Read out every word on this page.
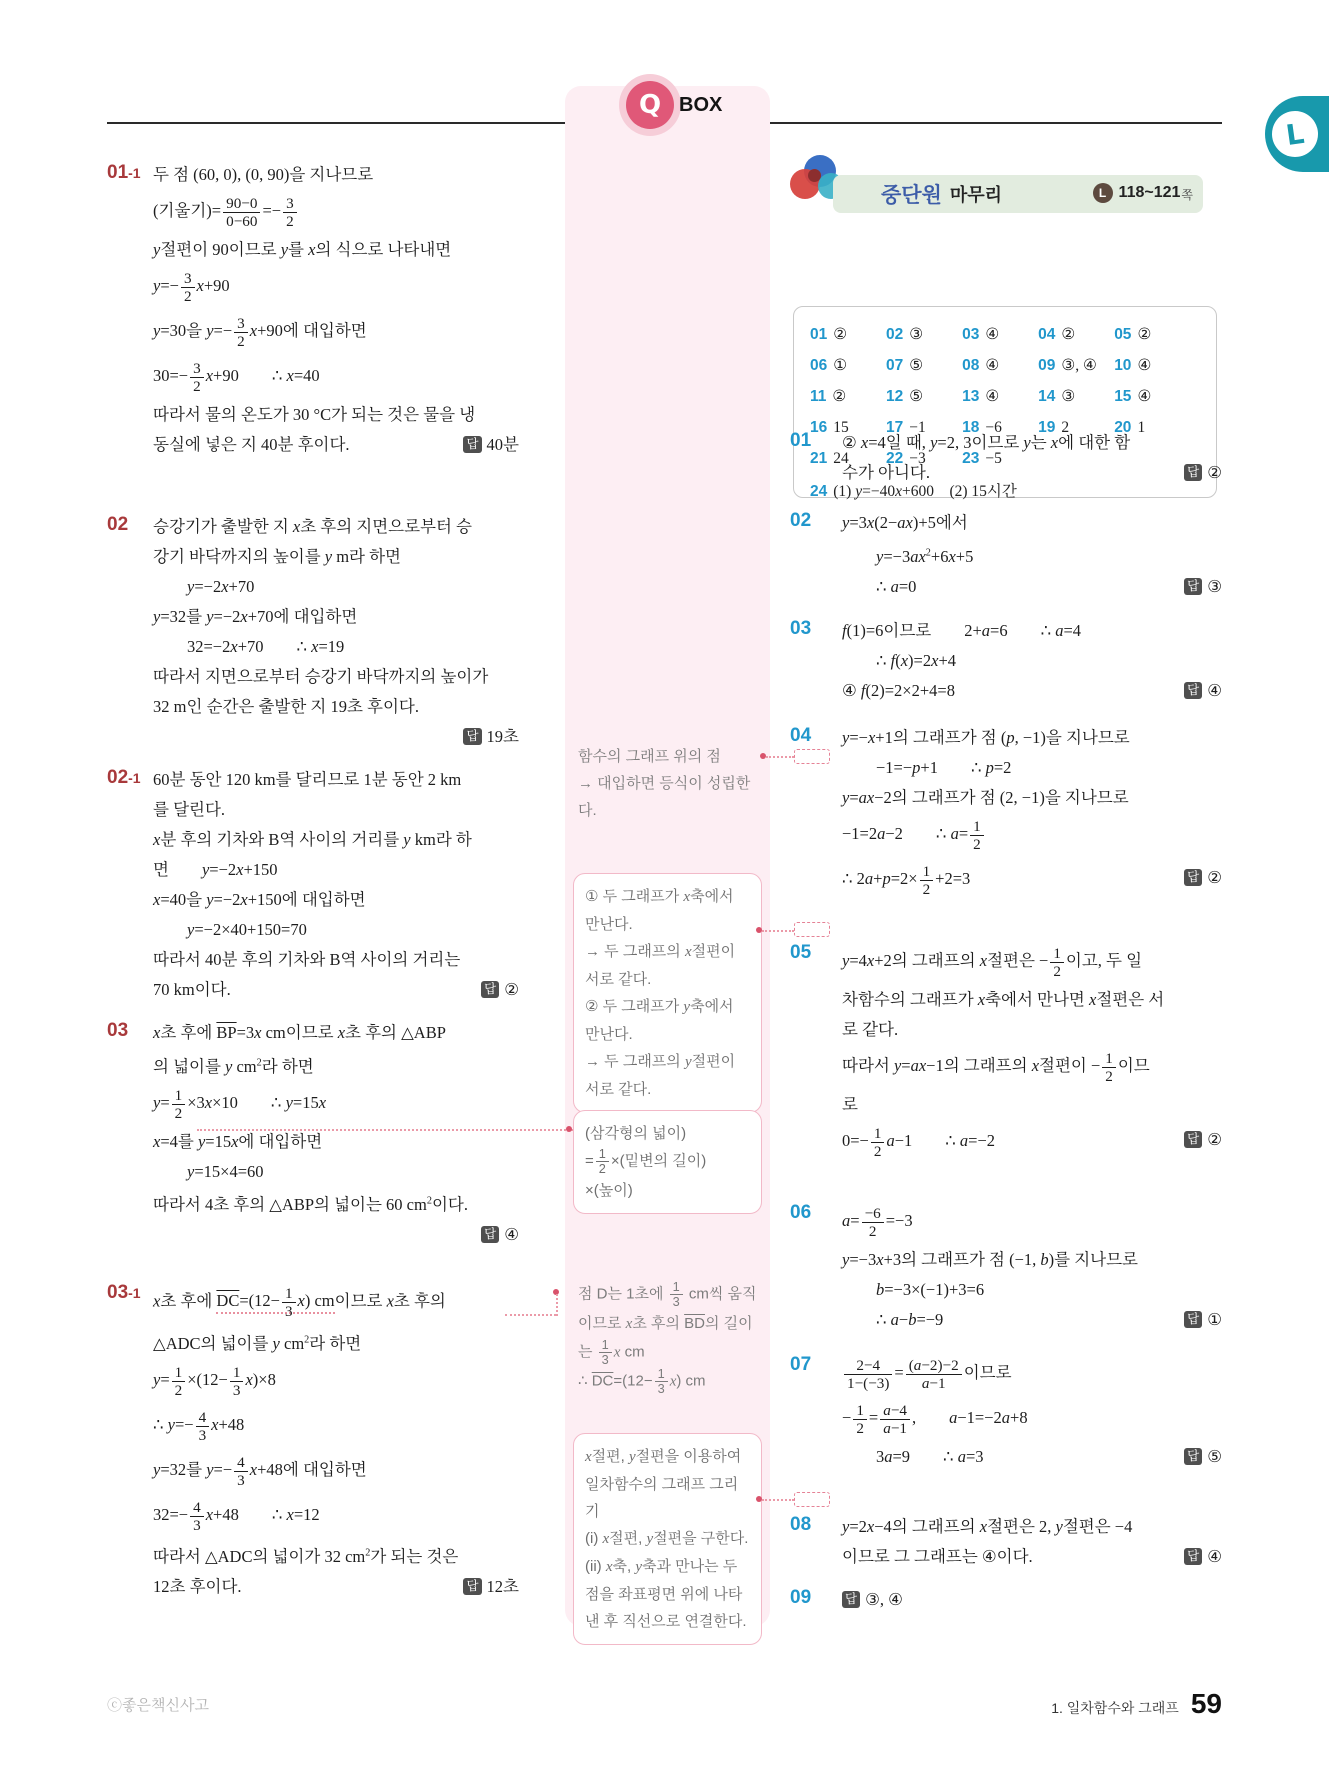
L
01-1 두 점 (60, 0), (0, 90)을 지나므로
(기울기)= $\frac{90-0}{0-60} =- \frac{3}{2}$
y절편이 90이므로 y를 x의 식으로 나타내면
$y=- \frac{3}{2} x+90$
y=30을 $y=- \frac{3}{2} x+90$에 대입하면
$30=- \frac{3}{2} x+90$  ∴ x=40
따라서 물의 온도가 30 °C가 되는 것은 물을 냉
동실에 넣은 지 40분 후이다.	답 40분
02 승강기가 출발한 지 x초 후의 지면으로부터 승
강기 바닥까지의 높이를 y m라 하면
y=−2x+70
y=32를 y=−2x+70에 대입하면
32=−2x+70  ∴ x=19
따라서 지면으로부터 승강기 바닥까지의 높이가
32 m인 순간은 출발한 지 19초 후이다.
답 19초
02-1 60분 동안 120 km를 달리므로 1분 동안 2 km
를 달린다.
x분 후의 기차와 B역 사이의 거리를 y km라 하
면  y=−2x+150
x=40을 y=−2x+150에 대입하면
y=−2×40+150=70
따라서 40분 후의 기차와 B역 사이의 거리는
70 km이다.	답 ②
03 x초 후에 $\overline{BP}=3x$ cm이므로 x초 후의 △ABP
의 넓이를 y $cm^2$라 하면
$y= \frac{1}{2} \times 3x\times 10$  ∴ y=15x
x=4를 y=15x에 대입하면
y=15×4=60
따라서 4초 후의 △ABP의 넓이는 60 $cm^2$이다.
답 ④
03-1 x초 후에 $\overline{DC}=(12- \frac{1}{3} x)$ cm이므로 x초 후의
△ADC의 넓이를 y $cm^2$라 하면
$y= \frac{1}{2} \times(12- \frac{1}{3} x)\times 8$
∴ $y=- \frac{4}{3} x+48$
y=32를 $y=- \frac{4}{3} x+48$에 대입하면
$32=- \frac{4}{3} x+48$  ∴ x=12
따라서 △ADC의 넓이가 32 $cm^2$가 되는 것은
12초 후이다.	답 12초
Q BOX
함수의 그래프 위의 점
→ 대입하면 등식이 성립한
다.
① 두 그래프가 x축에서 만난다.
→ 두 그래프의 x절편이 서로 같다.
② 두 그래프가 y축에서 만난다.
→ 두 그래프의 y절편이 서로 같다.
(삼각형의 넓이)
= $\frac{1}{2}$ ×(밑변의 길이)
×(높이)
점 D는 1초에 $\frac{1}{3}$ cm씩 움직이므로 x초 후의 $\overline{BD}$의 길이는 $\frac{1}{3}$ x cm
∴ $\overline{DC}=(12- \frac{1}{3} x)$ cm
x절편, y절편을 이용하여 일차함수의 그래프 그리기
(i) x절편, y절편을 구한다.
(ii) x축, y축과 만나는 두 점을 좌표평면 위에 나타낸 후 직선으로 연결한다.
중단원 마무리	L 118~121 쪽
01 ②	02 ③	03 ④	04 ②	05 ②
06 ①	07 ⑤	08 ④	09 ③, ④	10 ④
11 ②	12 ⑤	13 ④	14 ③	15 ④
16 15	17 −1	18 −6	19 2	20 1
21 24	22 −3	23 −5
24 (1) y=−40x+600 (2) 15시간
01 ② x=4일 때, y=2, 3이므로 y는 x에 대한 함
수가 아니다.	답 ②
02 y=3x(2−ax)+5에서
$y=-3ax^2+6x+5$
∴ a=0	답 ③
03 f(1)=6이므로  2+a=6  ∴ a=4
∴ f(x)=2x+4
④ f(2)=2×2+4=8	답 ④
04 y=−x+1의 그래프가 점 (p, −1)을 지나므로
−1=−p+1  ∴ p=2
y=ax−2의 그래프가 점 (2, −1)을 지나므로
−1=2a−2  ∴ $a= \frac{1}{2}$
∴ $2a+p=2\times \frac{1}{2} +2=3$	답 ②
05 y=4x+2의 그래프의 x절편은 − $\frac{1}{2}$ 이고, 두 일
차함수의 그래프가 x축에서 만나면 x절편은 서
로 같다.
따라서 y=ax−1의 그래프의 x절편이 − $\frac{1}{2}$ 이므
로
$0=- \frac{1}{2} a-1$  ∴ a=−2	답 ②
06 $a= \frac{-6}{2} =-3$
y=−3x+3의 그래프가 점 (−1, b)를 지나므로
b=−3×(−1)+3=6
∴ a−b=−9	답 ①
$07 \frac{2-4}{1-(-3)} = \frac{(a-2)-2}{a-1}$ 이므로
− $\frac{1}{2} = \frac{a-4}{a-1}$ ,  a−1=−2a+8
3a=9  ∴ a=3	답 ⑤
08 y=2x−4의 그래프의 x절편은 2, y절편은 −4
이므로 그 그래프는 ④이다.	답 ④
09	답 ③, ④
ⓒ좋은책신사고	1. 일차함수와 그래프 59
